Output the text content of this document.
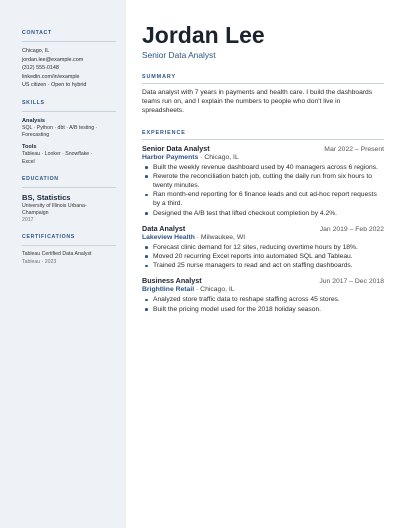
CONTACT
Chicago, IL
jordan.lee@example.com
(312) 555-0148
linkedin.com/in/example
US citizen · Open to hybrid
SKILLS
Analysis
SQL · Python · dbt · A/B testing ·
Forecasting
Tools
Tableau · Looker · Snowflake ·
Excel
EDUCATION
BS, Statistics
University of Illinois Urbana-
Champaign
2017
CERTIFICATIONS
Tableau Certified Data Analyst
Tableau · 2023
Jordan Lee
Senior Data Analyst
SUMMARY
Data analyst with 7 years in payments and health care. I build the dashboards teams run on, and I explain the numbers to people who don't live in spreadsheets.
EXPERIENCE
Senior Data Analyst	Mar 2022 – Present
Harbor Payments · Chicago, IL
Built the weekly revenue dashboard used by 40 managers across 6 regions.
Rewrote the reconciliation batch job, cutting the daily run from six hours to twenty minutes.
Ran month-end reporting for 6 finance leads and cut ad-hoc report requests by a third.
Designed the A/B test that lifted checkout completion by 4.2%.
Data Analyst	Jan 2019 – Feb 2022
Lakeview Health · Milwaukee, WI
Forecast clinic demand for 12 sites, reducing overtime hours by 18%.
Moved 20 recurring Excel reports into automated SQL and Tableau.
Trained 25 nurse managers to read and act on staffing dashboards.
Business Analyst	Jun 2017 – Dec 2018
Brightline Retail · Chicago, IL
Analyzed store traffic data to reshape staffing across 45 stores.
Built the pricing model used for the 2018 holiday season.
